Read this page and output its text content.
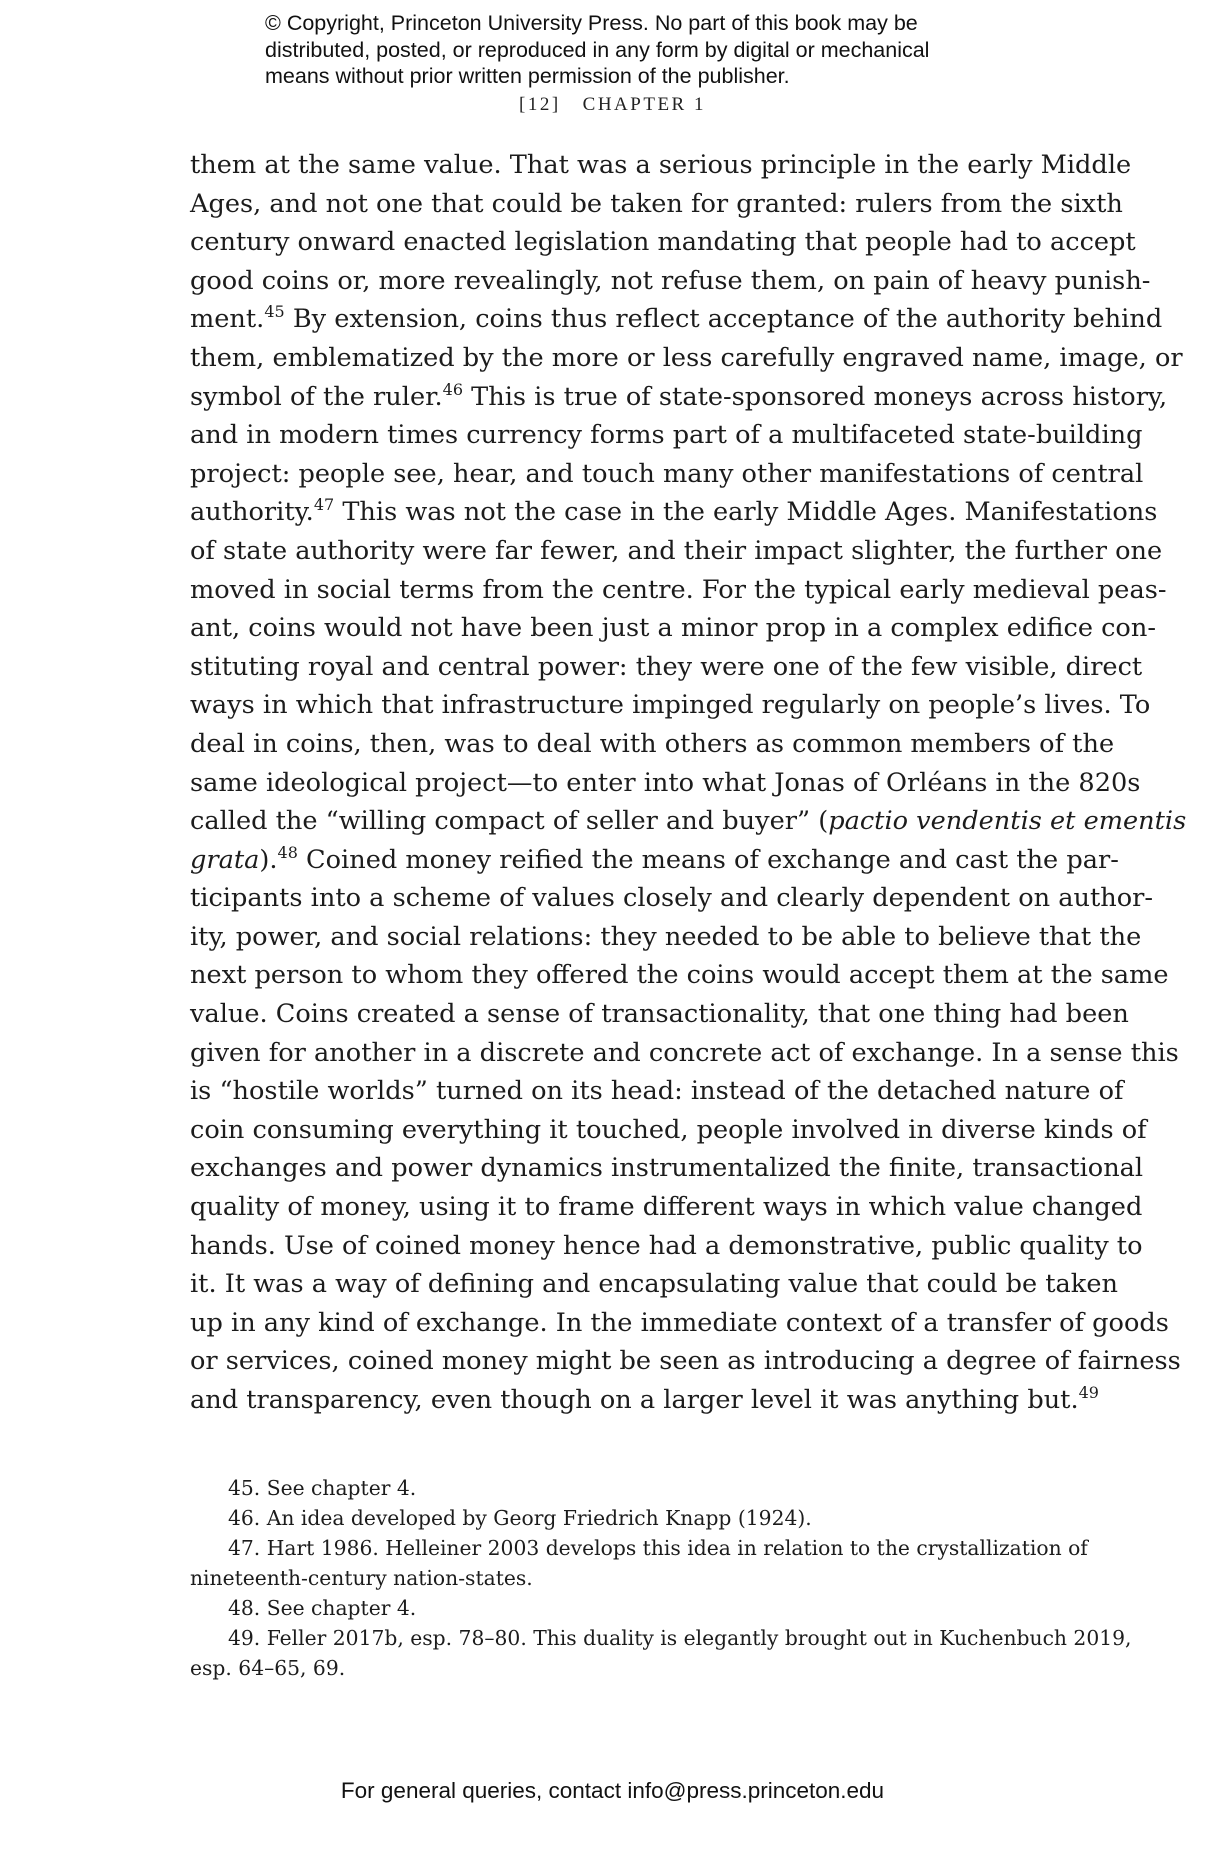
© Copyright, Princeton University Press. No part of this book may be
distributed, posted, or reproduced in any form by digital or mechanical
means without prior written permission of the publisher.
[12] CHAPTER 1
them at the same value. That was a serious principle in the early Middle
Ages, and not one that could be taken for granted: rulers from the sixth
century onward enacted legislation mandating that people had to accept
good coins or, more revealingly, not refuse them, on pain of heavy punish-
ment.$^{45}$ By extension, coins thus reflect acceptance of the authority behind
them, emblematized by the more or less carefully engraved name, image, or
symbol of the ruler.$^{46}$ This is true of state-sponsored moneys across history,
and in modern times currency forms part of a multifaceted state-building
project: people see, hear, and touch many other manifestations of central
authority.$^{47}$ This was not the case in the early Middle Ages. Manifestations
of state authority were far fewer, and their impact slighter, the further one
moved in social terms from the centre. For the typical early medieval peas-
ant, coins would not have been just a minor prop in a complex edifice con-
stituting royal and central power: they were one of the few visible, direct
ways in which that infrastructure impinged regularly on people’s lives. To
deal in coins, then, was to deal with others as common members of the
same ideological project—to enter into what Jonas of Orléans in the 820s
called the “willing compact of seller and buyer” (pactio vendentis et ementis
grata).$^{48}$ Coined money reified the means of exchange and cast the par-
ticipants into a scheme of values closely and clearly dependent on author-
ity, power, and social relations: they needed to be able to believe that the
next person to whom they offered the coins would accept them at the same
value. Coins created a sense of transactionality, that one thing had been
given for another in a discrete and concrete act of exchange. In a sense this
is “hostile worlds” turned on its head: instead of the detached nature of
coin consuming everything it touched, people involved in diverse kinds of
exchanges and power dynamics instrumentalized the finite, transactional
quality of money, using it to frame different ways in which value changed
hands. Use of coined money hence had a demonstrative, public quality to
it. It was a way of defining and encapsulating value that could be taken
up in any kind of exchange. In the immediate context of a transfer of goods
or services, coined money might be seen as introducing a degree of fairness
and transparency, even though on a larger level it was anything but.$^{49}$
45. See chapter 4.
46. An idea developed by Georg Friedrich Knapp (1924).
47. Hart 1986. Helleiner 2003 develops this idea in relation to the crystallization of
nineteenth-century nation-states.
48. See chapter 4.
49. Feller 2017b, esp. 78–80. This duality is elegantly brought out in Kuchenbuch 2019,
esp. 64–65, 69.
For general queries, contact info@press.princeton.edu
